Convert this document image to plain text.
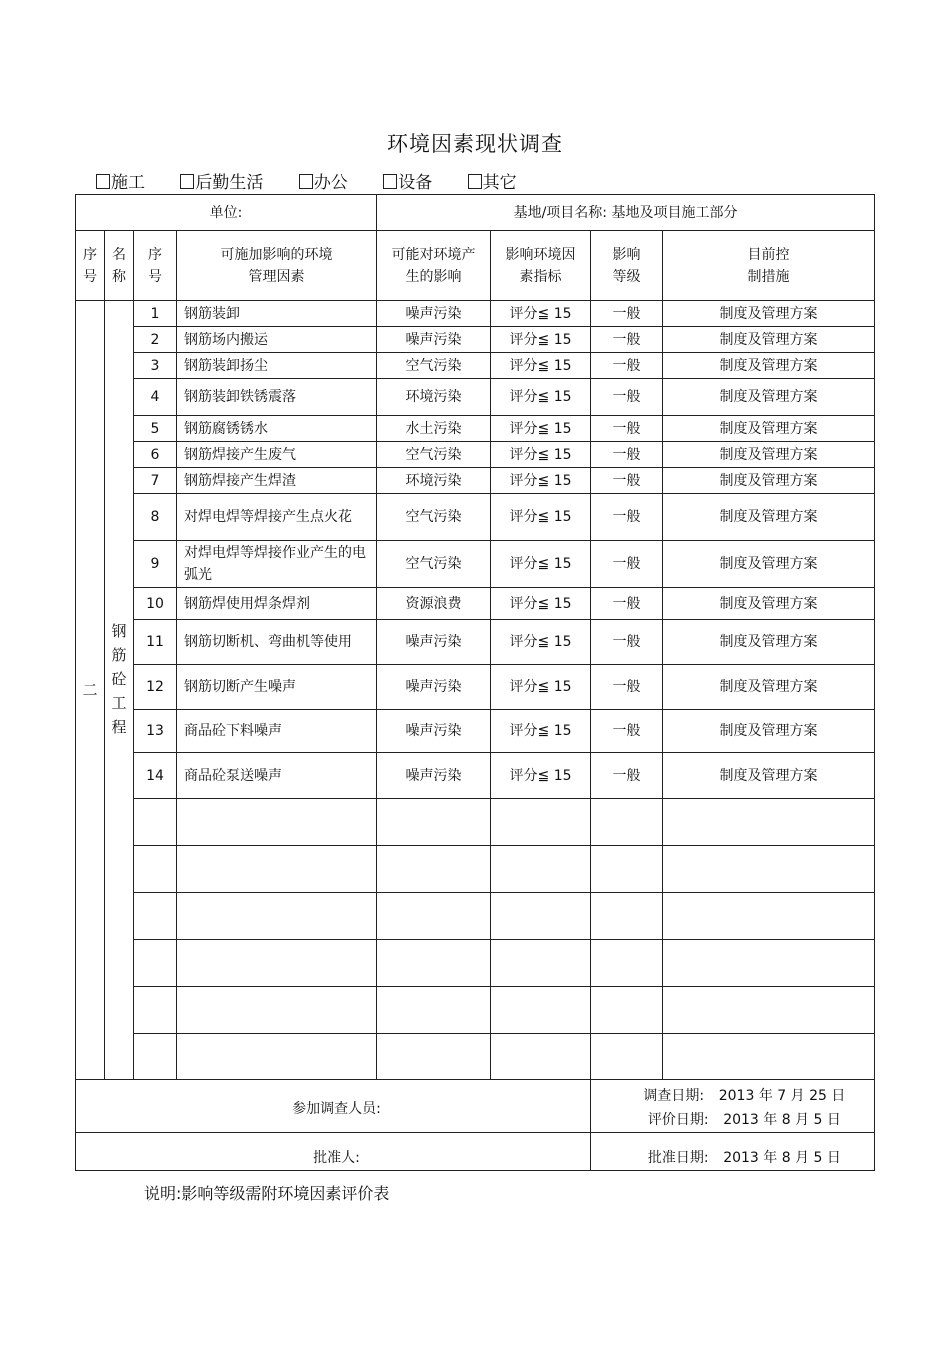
环境因素现状调查
施工	后勤生活	办公	设备	其它
单位:				基地/项目名称: 基地及项目施工部分			

序号	名称	序号	可施加影响的环境管理因素	可能对环境产生的影响	影响环境因素指标	影响等级	目前控制措施

二	钢筋砼工程	1	钢筋装卸	噪声污染	评分≦ 15	一般	制度及管理方案
		2	钢筋场内搬运	噪声污染	评分≦ 15	一般	制度及管理方案
		3	钢筋装卸扬尘	空气污染	评分≦ 15	一般	制度及管理方案
		4	钢筋装卸铁锈震落	环境污染	评分≦ 15	一般	制度及管理方案
		5	钢筋腐锈锈水	水土污染	评分≦ 15	一般	制度及管理方案
		6	钢筋焊接产生废气	空气污染	评分≦ 15	一般	制度及管理方案
		7	钢筋焊接产生焊渣	环境污染	评分≦ 15	一般	制度及管理方案
		8	对焊电焊等焊接产生点火花	空气污染	评分≦ 15	一般	制度及管理方案
		9	对焊电焊等焊接作业产生的电弧光	空气污染	评分≦ 15	一般	制度及管理方案
		10	钢筋焊使用焊条焊剂	资源浪费	评分≦ 15	一般	制度及管理方案
		11	钢筋切断机、弯曲机等使用	噪声污染	评分≦ 15	一般	制度及管理方案
		12	钢筋切断产生噪声	噪声污染	评分≦ 15	一般	制度及管理方案
		13	商品砼下料噪声	噪声污染	评分≦ 15	一般	制度及管理方案
		14	商品砼泵送噪声	噪声污染	评分≦ 15	一般	制度及管理方案

参加调查人员:						调查日期: 2013 年 7 月 25 日
评价日期: 2013 年 8 月 5 日	

批准人:						批准日期: 2013 年 8 月 5 日	
说明:影响等级需附环境因素评价表
